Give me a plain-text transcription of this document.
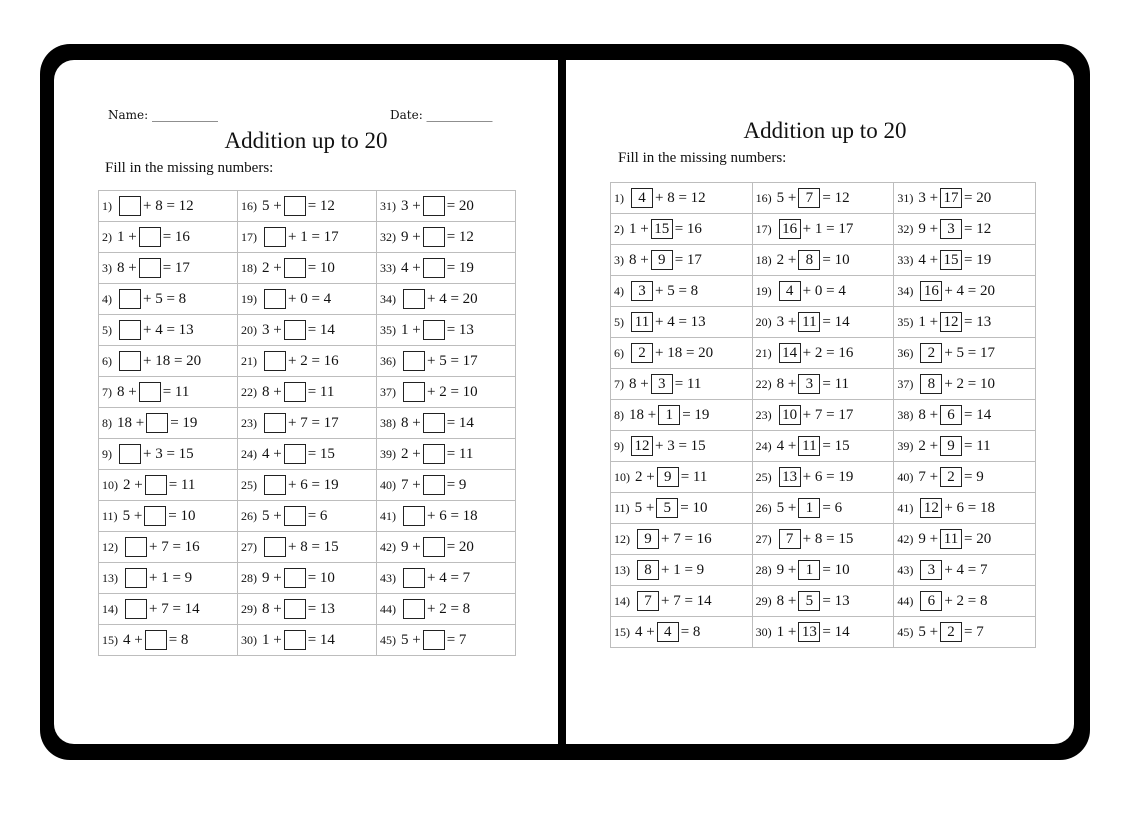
Name: ___________	Date: ___________
Addition up to 20
Fill in the missing numbers:
1) + 8 = 12	16) 5 + = 12	31) 3 + = 20

2) 1 + = 16	17) + 1 = 17	32) 9 + = 12

3) 8 + = 17	18) 2 + = 10	33) 4 + = 19

4) + 5 = 8	19) + 0 = 4	34) + 4 = 20

5) + 4 = 13	20) 3 + = 14	35) 1 + = 13

6) + 18 = 20	21) + 2 = 16	36) + 5 = 17

7) 8 + = 11	22) 8 + = 11	37) + 2 = 10

8) 18 + = 19	23) + 7 = 17	38) 8 + = 14

9) + 3 = 15	24) 4 + = 15	39) 2 + = 11

10) 2 + = 11	25) + 6 = 19	40) 7 + = 9

11) 5 + = 10	26) 5 + = 6	41) + 6 = 18

12) + 7 = 16	27) + 8 = 15	42) 9 + = 20

13) + 1 = 9	28) 9 + = 10	43) + 4 = 7

14) + 7 = 14	29) 8 + = 13	44) + 2 = 8

15) 4 + = 8	30) 1 + = 14	45) 5 + = 7
Addition up to 20
Fill in the missing numbers:
1) 4 + 8 = 12	16) 5 + 7 = 12	31) 3 + 17 = 20

2) 1 + 15 = 16	17) 16 + 1 = 17	32) 9 + 3 = 12

3) 8 + 9 = 17	18) 2 + 8 = 10	33) 4 + 15 = 19

4) 3 + 5 = 8	19) 4 + 0 = 4	34) 16 + 4 = 20

5) 11 + 4 = 13	20) 3 + 11 = 14	35) 1 + 12 = 13

6) 2 + 18 = 20	21) 14 + 2 = 16	36) 2 + 5 = 17

7) 8 + 3 = 11	22) 8 + 3 = 11	37) 8 + 2 = 10

8) 18 + 1 = 19	23) 10 + 7 = 17	38) 8 + 6 = 14

9) 12 + 3 = 15	24) 4 + 11 = 15	39) 2 + 9 = 11

10) 2 + 9 = 11	25) 13 + 6 = 19	40) 7 + 2 = 9

11) 5 + 5 = 10	26) 5 + 1 = 6	41) 12 + 6 = 18

12) 9 + 7 = 16	27) 7 + 8 = 15	42) 9 + 11 = 20

13) 8 + 1 = 9	28) 9 + 1 = 10	43) 3 + 4 = 7

14) 7 + 7 = 14	29) 8 + 5 = 13	44) 6 + 2 = 8

15) 4 + 4 = 8	30) 1 + 13 = 14	45) 5 + 2 = 7
